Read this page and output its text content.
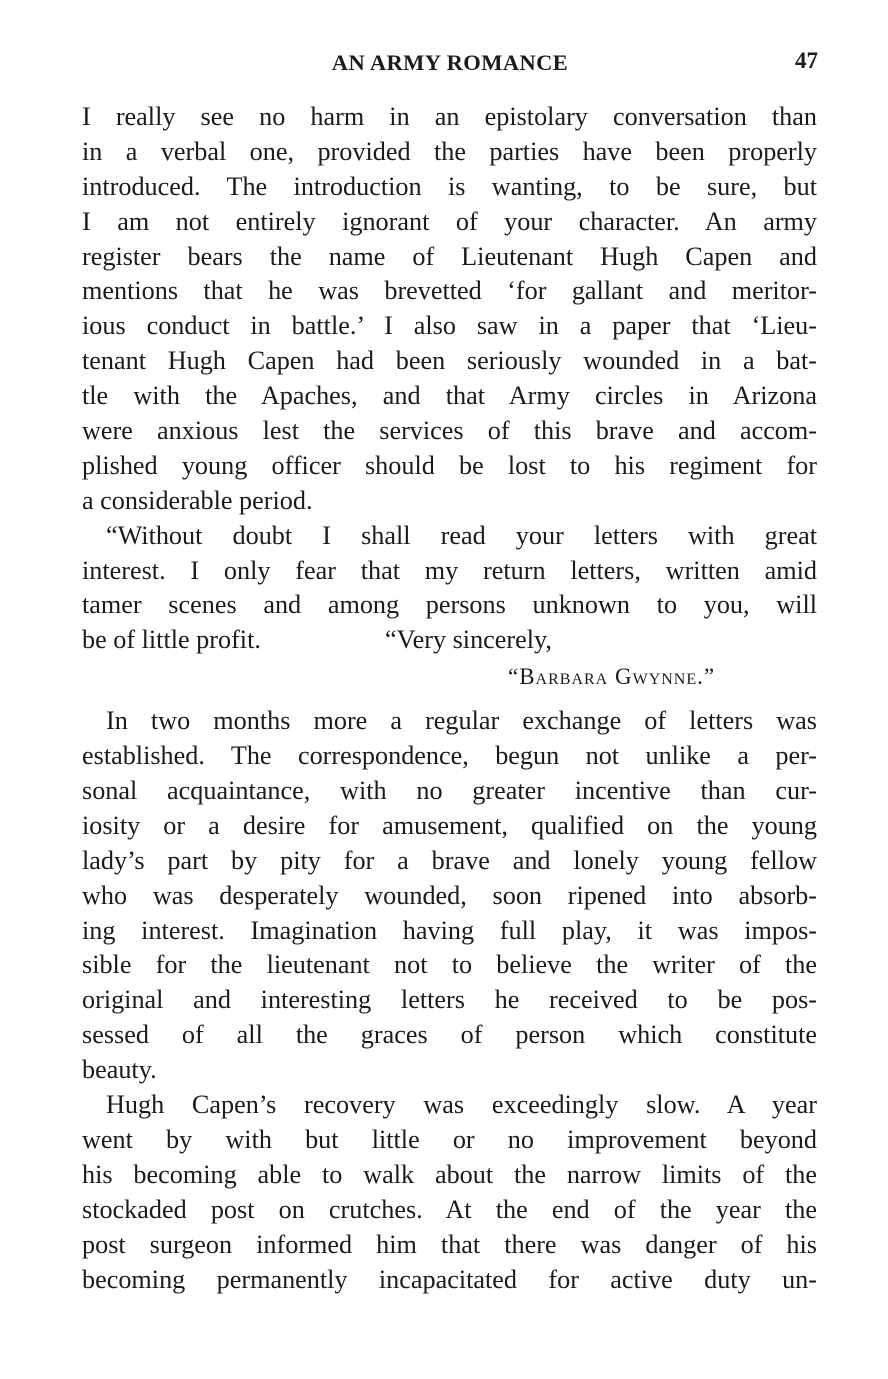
AN ARMY ROMANCE	47
I really see no harm in an epistolary conversation than
in a verbal one, provided the parties have been properly
introduced. The introduction is wanting, to be sure, but
I am not entirely ignorant of your character. An army
register bears the name of Lieutenant Hugh Capen and
mentions that he was brevetted ‘for gallant and meritor-
ious conduct in battle.’ I also saw in a paper that ‘Lieu-
tenant Hugh Capen had been seriously wounded in a bat-
tle with the Apaches, and that Army circles in Arizona
were anxious lest the services of this brave and accom-
plished young officer should be lost to his regiment for
a considerable period.
“Without doubt I shall read your letters with great
interest. I only fear that my return letters, written amid
tamer scenes and among persons unknown to you, will
be of little profit.	“Very sincerely,
“Barbara Gwynne.”
In two months more a regular exchange of letters was
established. The correspondence, begun not unlike a per-
sonal acquaintance, with no greater incentive than cur-
iosity or a desire for amusement, qualified on the young
lady’s part by pity for a brave and lonely young fellow
who was desperately wounded, soon ripened into absorb-
ing interest. Imagination having full play, it was impos-
sible for the lieutenant not to believe the writer of the
original and interesting letters he received to be pos-
sessed of all the graces of person which constitute
beauty.
Hugh Capen’s recovery was exceedingly slow. A year
went by with but little or no improvement beyond
his becoming able to walk about the narrow limits of the
stockaded post on crutches. At the end of the year the
post surgeon informed him that there was danger of his
becoming permanently incapacitated for active duty un-
